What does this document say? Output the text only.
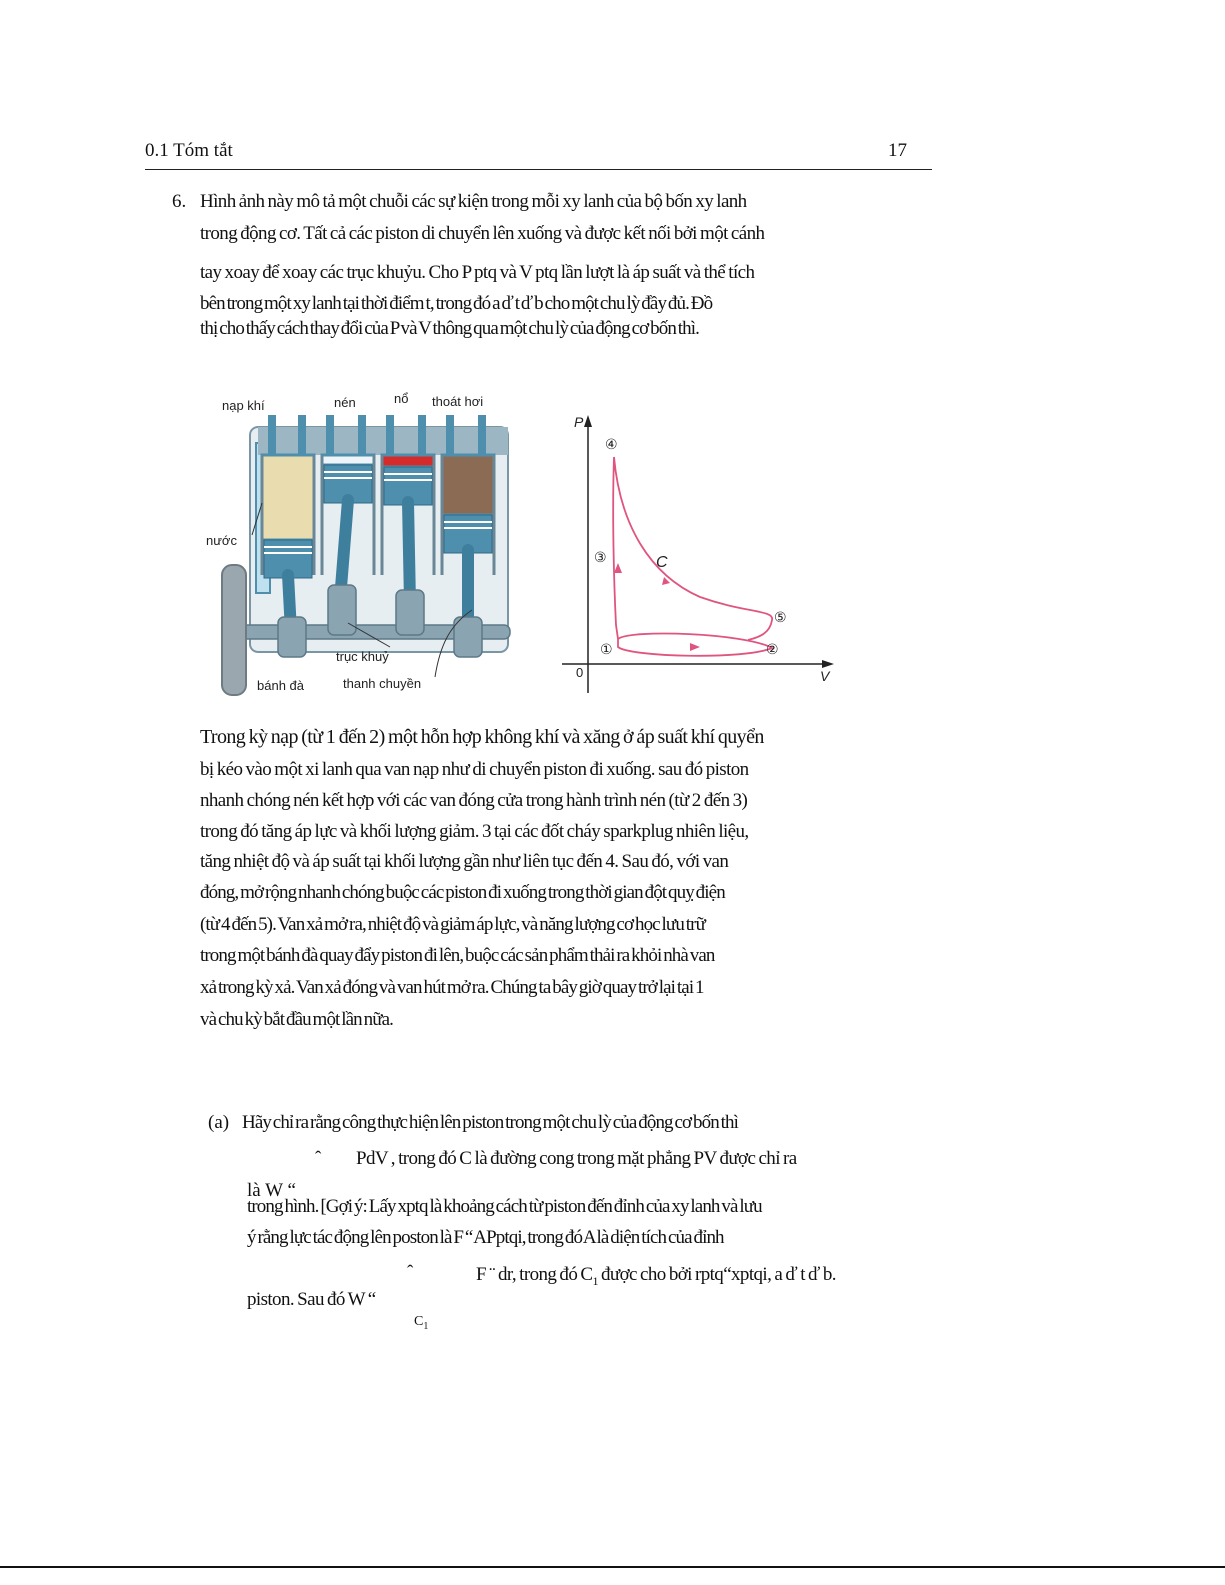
0.1 Tóm tắt	17
6. Hình ảnh này mô tả một chuỗi các sự kiện trong mỗi xy lanh của bộ bốn xy lanh
trong động cơ. Tất cả các piston di chuyển lên xuống và được kết nối bởi một cánh
tay xoay để xoay các trục khuỷu. Cho P ptq và V ptq lần lượt là áp suất và thể tích
bên trong một xy lanh tại thời điểm t, trong đó a ď t ď b cho một chu lỳ đầy đủ. Đồ
thị cho thấy cách thay đổi của P và V thông qua một chu lỳ của động cơ bốn thì.
nạp khí	nén	nổ thoát hơi
nước
trục khuỷ
bánh đà	thanh chuyền
P
V
0
C
①	②
③
④
⑤
Trong kỳ nạp (từ 1 đến 2) một hỗn hợp không khí và xăng ở áp suất khí quyển
bị kéo vào một xi lanh qua van nạp như di chuyển piston đi xuống. sau đó piston
nhanh chóng nén kết hợp với các van đóng cửa trong hành trình nén (từ 2 đến 3)
trong đó tăng áp lực và khối lượng giảm. 3 tại các đốt cháy sparkplug nhiên liệu,
tăng nhiệt độ và áp suất tại khối lượng gần như liên tục đến 4. Sau đó, với van
đóng, mở rộng nhanh chóng buộc các piston đi xuống trong thời gian đột quỵ điện
(từ 4 đến 5). Van xả mở ra, nhiệt độ và giảm áp lực, và năng lượng cơ học lưu trữ
trong một bánh đà quay đẩy piston đi lên, buộc các sản phẩm thải ra khỏi nhà van
xả trong kỳ xả. Van xả đóng và van hút mở ra. Chúng ta bây giờ quay trở lại tại 1
và chu kỳ bắt đầu một lần nữa.
(a) Hãy chỉ ra rằng công thực hiện lên piston trong một chu lỳ của động cơ bốn thì
ˆ PdV , trong đó C là đường cong trong mặt phẳng PV được chỉ ra
là W “
trong hình. [Gợi ý: Lấy xptq là khoảng cách từ piston đến đỉnh của xy lanh và lưu
ý rằng lực tác động lên poston là F “ APptqi, trong đó A là diện tích của đỉnh
ˆ	F ¨ dr, trong đó $C_1$ được cho bởi rptq“xptqi, a ď t ď b.
piston. Sau đó W “
$C_1$
